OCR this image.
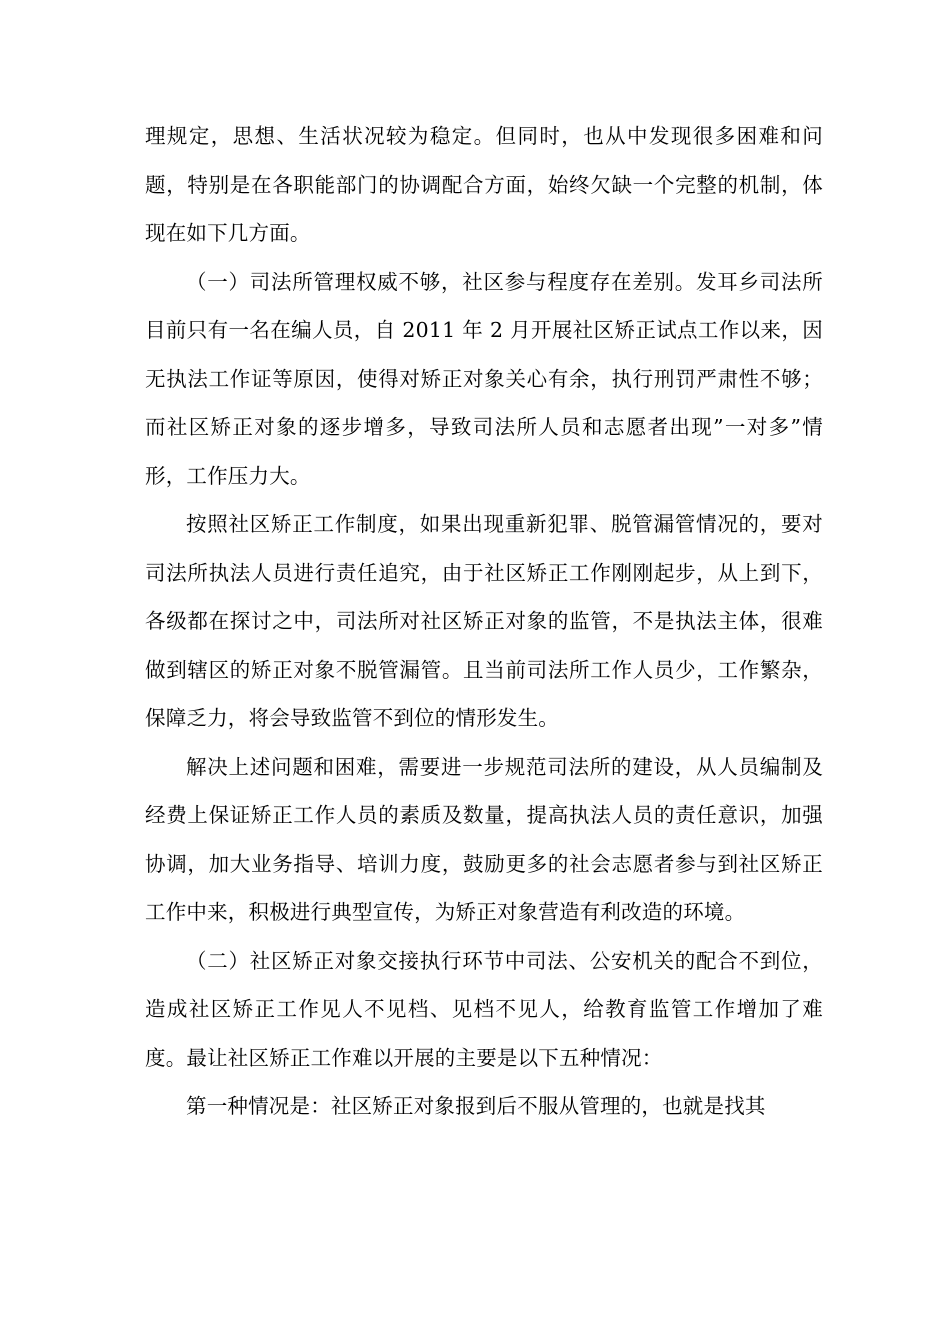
理规定，思想、生活状况较为稳定。但同时，也从中发现很多困难和问题，特别是在各职能部门的协调配合方面，始终欠缺一个完整的机制，体现在如下几方面。

（一）司法所管理权威不够，社区参与程度存在差别。发耳乡司法所目前只有一名在编人员，自 2011 年 2 月开展社区矫正试点工作以来，因无执法工作证等原因，使得对矫正对象关心有余，执行刑罚严肃性不够；而社区矫正对象的逐步增多，导致司法所人员和志愿者出现”一对多”情形，工作压力大。

按照社区矫正工作制度，如果出现重新犯罪、脱管漏管情况的，要对司法所执法人员进行责任追究，由于社区矫正工作刚刚起步，从上到下，各级都在探讨之中，司法所对社区矫正对象的监管，不是执法主体，很难做到辖区的矫正对象不脱管漏管。且当前司法所工作人员少，工作繁杂，保障乏力，将会导致监管不到位的情形发生。

解决上述问题和困难，需要进一步规范司法所的建设，从人员编制及经费上保证矫正工作人员的素质及数量，提高执法人员的责任意识，加强协调，加大业务指导、培训力度，鼓励更多的社会志愿者参与到社区矫正工作中来，积极进行典型宣传，为矫正对象营造有利改造的环境。

（二）社区矫正对象交接执行环节中司法、公安机关的配合不到位，造成社区矫正工作见人不见档、见档不见人，给教育监管工作增加了难度。最让社区矫正工作难以开展的主要是以下五种情况：

第一种情况是：社区矫正对象报到后不服从管理的，也就是找其
